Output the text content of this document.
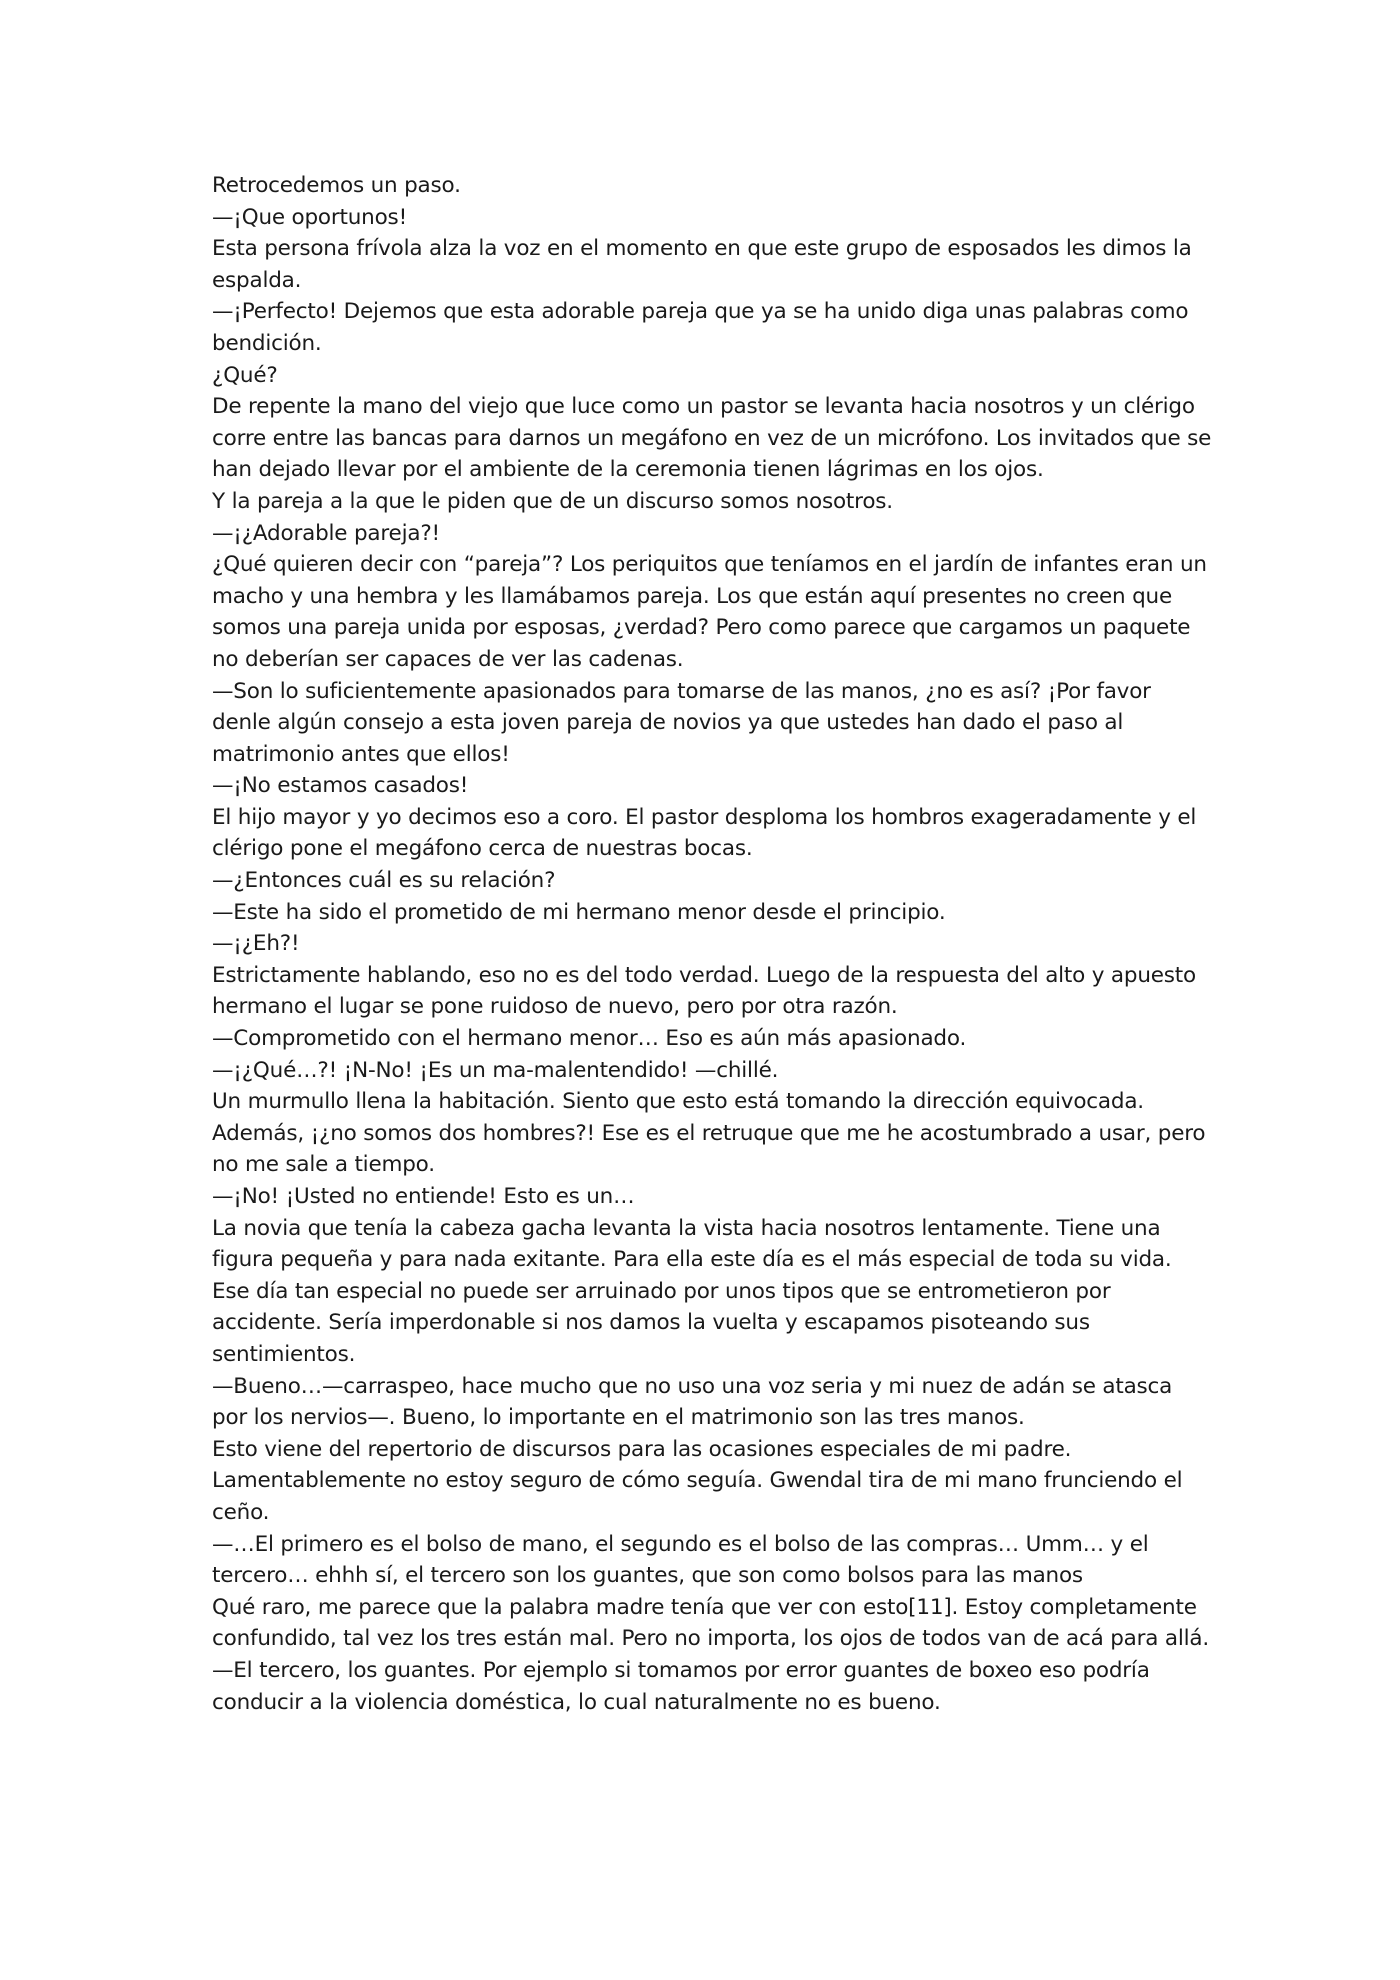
Retrocedemos un paso.

—¡Que oportunos!

Esta persona frívola alza la voz en el momento en que este grupo de esposados les dimos la espalda.

—¡Perfecto! Dejemos que esta adorable pareja que ya se ha unido diga unas palabras como bendición.

¿Qué?

De repente la mano del viejo que luce como un pastor se levanta hacia nosotros y un clérigo corre entre las bancas para darnos un megáfono en vez de un micrófono. Los invitados que se han dejado llevar por el ambiente de la ceremonia tienen lágrimas en los ojos.

Y la pareja a la que le piden que de un discurso somos nosotros.

—¡¿Adorable pareja?!

¿Qué quieren decir con “pareja”? Los periquitos que teníamos en el jardín de infantes eran un macho y una hembra y les llamábamos pareja. Los que están aquí presentes no creen que somos una pareja unida por esposas, ¿verdad? Pero como parece que cargamos un paquete no deberían ser capaces de ver las cadenas.

—Son lo suficientemente apasionados para tomarse de las manos, ¿no es así? ¡Por favor denle algún consejo a esta joven pareja de novios ya que ustedes han dado el paso al matrimonio antes que ellos!

—¡No estamos casados!

El hijo mayor y yo decimos eso a coro. El pastor desploma los hombros exageradamente y el clérigo pone el megáfono cerca de nuestras bocas.

—¿Entonces cuál es su relación?

—Este ha sido el prometido de mi hermano menor desde el principio.

—¡¿Eh?!

Estrictamente hablando, eso no es del todo verdad. Luego de la respuesta del alto y apuesto hermano el lugar se pone ruidoso de nuevo, pero por otra razón.

—Comprometido con el hermano menor… Eso es aún más apasionado.

—¡¿Qué…?! ¡N-No! ¡Es un ma-malentendido! —chillé.

Un murmullo llena la habitación. Siento que esto está tomando la dirección equivocada. Además, ¡¿no somos dos hombres?! Ese es el retruque que me he acostumbrado a usar, pero no me sale a tiempo.

—¡No! ¡Usted no entiende! Esto es un…

La novia que tenía la cabeza gacha levanta la vista hacia nosotros lentamente. Tiene una figura pequeña y para nada exitante. Para ella este día es el más especial de toda su vida. Ese día tan especial no puede ser arruinado por unos tipos que se entrometieron por accidente. Sería imperdonable si nos damos la vuelta y escapamos pisoteando sus sentimientos.

—Bueno…—carraspeo, hace mucho que no uso una voz seria y mi nuez de adán se atasca por los nervios—. Bueno, lo importante en el matrimonio son las tres manos.

Esto viene del repertorio de discursos para las ocasiones especiales de mi padre. Lamentablemente no estoy seguro de cómo seguía. Gwendal tira de mi mano frunciendo el ceño.

—…El primero es el bolso de mano, el segundo es el bolso de las compras… Umm… y el tercero… ehhh sí, el tercero son los guantes, que son como bolsos para las manos

Qué raro, me parece que la palabra madre tenía que ver con esto[11]. Estoy completamente confundido, tal vez los tres están mal. Pero no importa, los ojos de todos van de acá para allá.

—El tercero, los guantes. Por ejemplo si tomamos por error guantes de boxeo eso podría conducir a la violencia doméstica, lo cual naturalmente no es bueno.
